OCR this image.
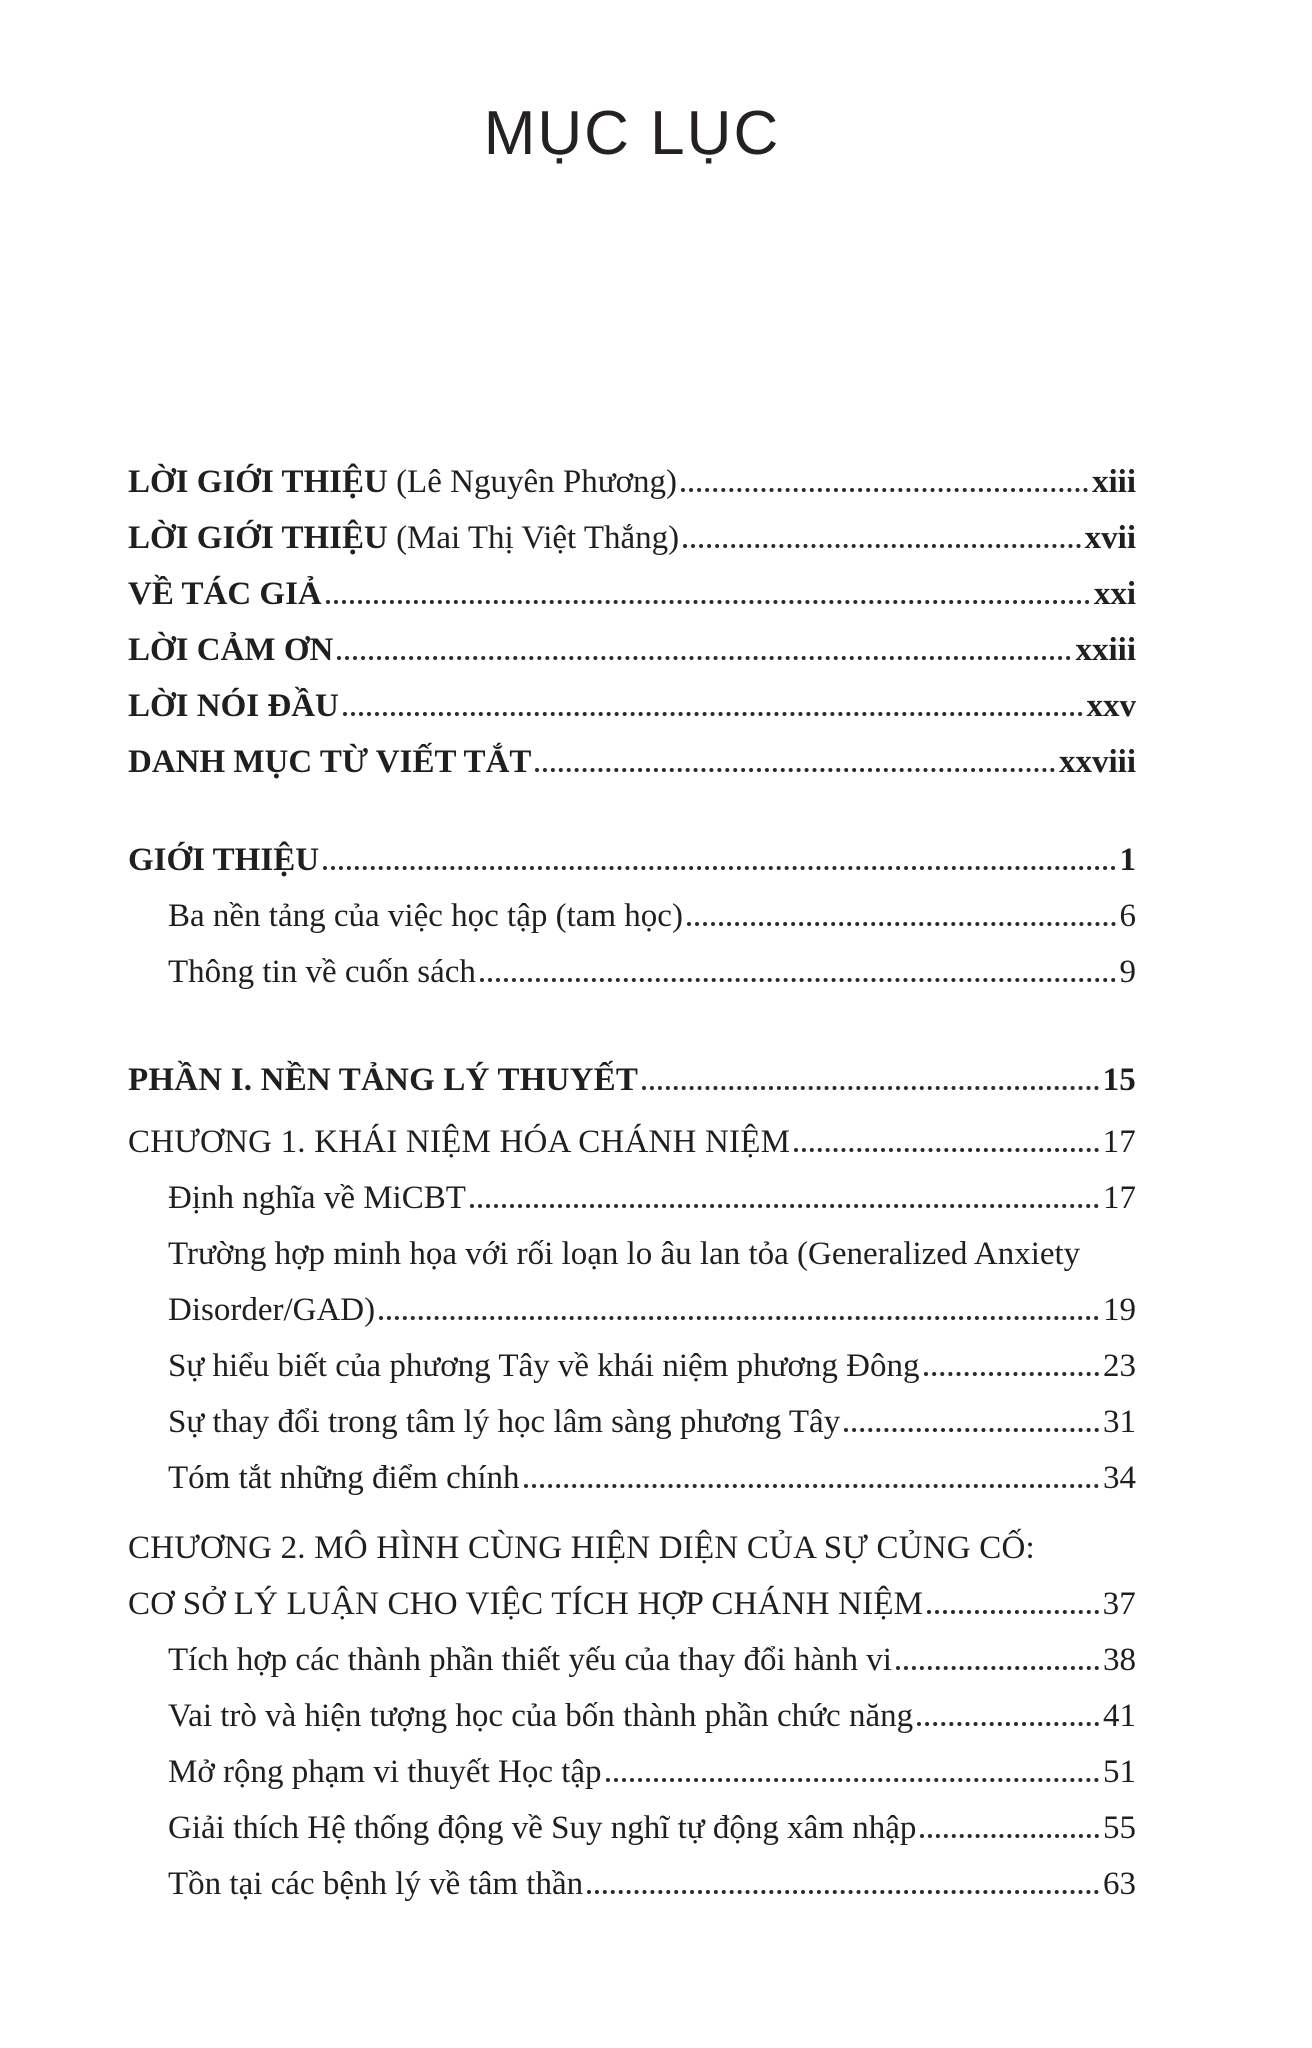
MỤC LỤC
LỜI GIỚI THIỆU (Lê Nguyên Phương)	xiii
LỜI GIỚI THIỆU (Mai Thị Việt Thắng)	xvii
VỀ TÁC GIẢ	xxi
LỜI CẢM ƠN	xxiii
LỜI NÓI ĐẦU	xxv
DANH MỤC TỪ VIẾT TẮT	xxviii
GIỚI THIỆU	1
Ba nền tảng của việc học tập (tam học)	6
Thông tin về cuốn sách	9
PHẦN I. NỀN TẢNG LÝ THUYẾT	15
CHƯƠNG 1. KHÁI NIỆM HÓA CHÁNH NIỆM	17
Định nghĩa về MiCBT	17
Trường hợp minh họa với rối loạn lo âu lan tỏa (Generalized Anxiety
Disorder/GAD)	19
Sự hiểu biết của phương Tây về khái niệm phương Đông	23
Sự thay đổi trong tâm lý học lâm sàng phương Tây	31
Tóm tắt những điểm chính	34
CHƯƠNG 2. MÔ HÌNH CÙNG HIỆN DIỆN CỦA SỰ CỦNG CỐ:
CƠ SỞ LÝ LUẬN CHO VIỆC TÍCH HỢP CHÁNH NIỆM	37
Tích hợp các thành phần thiết yếu của thay đổi hành vi	38
Vai trò và hiện tượng học của bốn thành phần chức năng	41
Mở rộng phạm vi thuyết Học tập	51
Giải thích Hệ thống động về Suy nghĩ tự động xâm nhập	55
Tồn tại các bệnh lý về tâm thần	63
